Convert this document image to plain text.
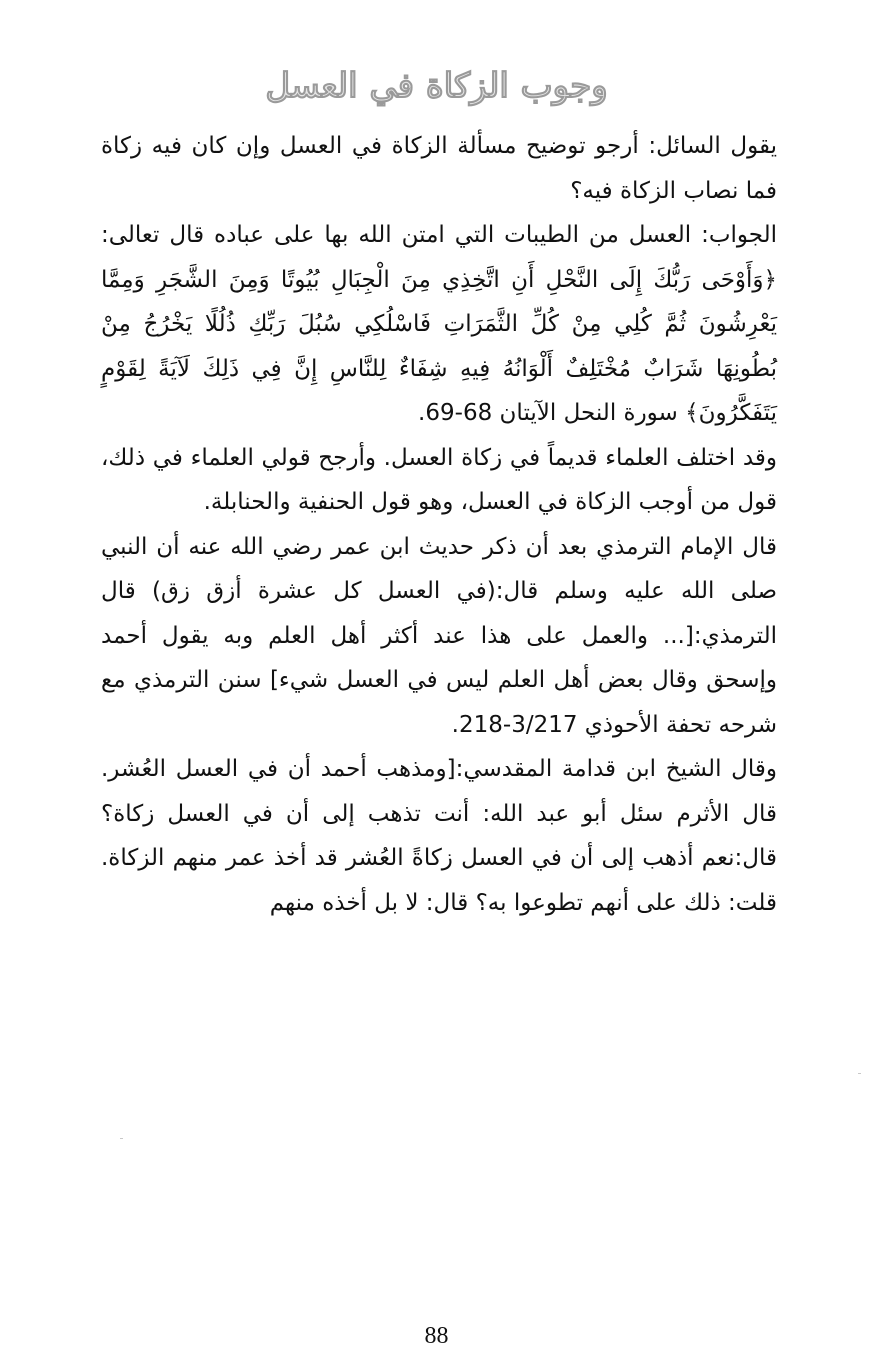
وجوب الزكاة في العسل

يقول السائل: أرجو توضيح مسألة الزكاة في العسل وإن كان فيه زكاة فما نصاب الزكاة فيه؟

الجواب: العسل من الطيبات التي امتن الله بها على عباده قال تعالى:﴿وَأَوْحَى رَبُّكَ إِلَى النَّحْلِ أَنِ اتَّخِذِي مِنَ الْجِبَالِ بُيُوتًا وَمِنَ الشَّجَرِ وَمِمَّا يَعْرِشُونَ ثُمَّ كُلِي مِنْ كُلِّ الثَّمَرَاتِ فَاسْلُكِي سُبُلَ رَبِّكِ ذُلُلًا يَخْرُجُ مِنْ بُطُونِهَا شَرَابٌ مُخْتَلِفٌ أَلْوَانُهُ فِيهِ شِفَاءٌ لِلنَّاسِ إِنَّ فِي ذَلِكَ لَآيَةً لِقَوْمٍ يَتَفَكَّرُونَ﴾ سورة النحل الآيتان 68-69.

وقد اختلف العلماء قديماً في زكاة العسل. وأرجح قولي العلماء في ذلك، قول من أوجب الزكاة في العسل، وهو قول الحنفية والحنابلة.

قال الإمام الترمذي بعد أن ذكر حديث ابن عمر رضي الله عنه أن النبي صلى الله عليه وسلم قال:(في العسل كل عشرة أزق زق) قال الترمذي:[... والعمل على هذا عند أكثر أهل العلم وبه يقول أحمد وإسحق وقال بعض أهل العلم ليس في العسل شيء] سنن الترمذي مع شرحه تحفة الأحوذي 3/217-218.

وقال الشيخ ابن قدامة المقدسي:[ومذهب أحمد أن في العسل العُشر. قال الأثرم سئل أبو عبد الله: أنت تذهب إلى أن في العسل زكاة؟ قال:نعم أذهب إلى أن في العسل زكاةً العُشر قد أخذ عمر منهم الزكاة. قلت: ذلك على أنهم تطوعوا به؟ قال: لا بل أخذه منهم

88
